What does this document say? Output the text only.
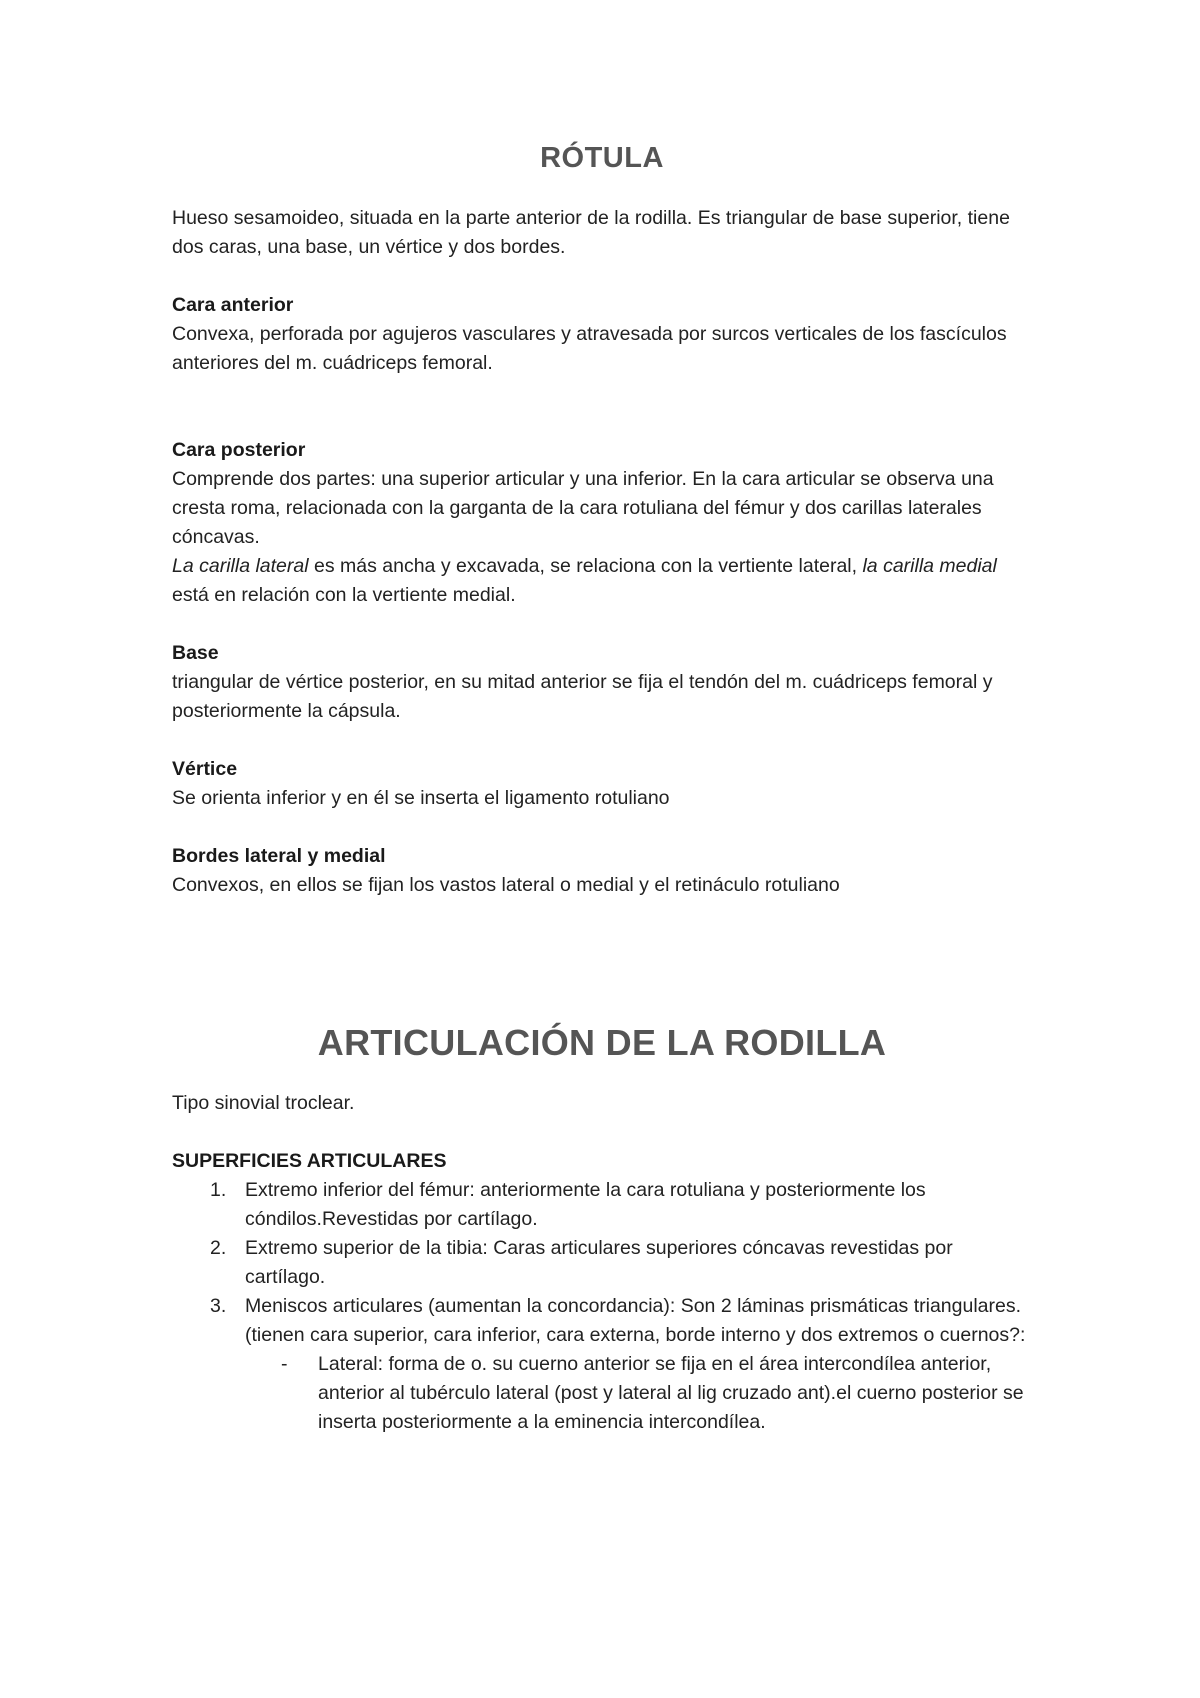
RÓTULA

Hueso sesamoideo, situada en la parte anterior de la rodilla. Es triangular de base superior, tiene dos caras, una base, un vértice y dos bordes.

Cara anterior

Convexa, perforada por agujeros vasculares y atravesada por surcos verticales de los fascículos anteriores del m. cuádriceps femoral.

Cara posterior

Comprende dos partes: una superior articular y una inferior. En la cara articular se observa una cresta roma, relacionada con la garganta de la cara rotuliana del fémur y dos carillas laterales cóncavas.

La carilla lateral es más ancha y excavada, se relaciona con la vertiente lateral, la carilla medial está en relación con la vertiente medial.

Base

triangular de vértice posterior, en su mitad anterior se fija el tendón del m. cuádriceps femoral y posteriormente la cápsula.

Vértice

Se orienta inferior y en él se inserta el ligamento rotuliano

Bordes lateral y medial

Convexos, en ellos se fijan los vastos lateral o medial y el retináculo rotuliano

ARTICULACIÓN DE LA RODILLA

Tipo sinovial troclear.

SUPERFICIES ARTICULARES

1. Extremo inferior del fémur: anteriormente la cara rotuliana y posteriormente los cóndilos.Revestidas por cartílago.
2. Extremo superior de la tibia: Caras articulares superiores cóncavas revestidas por cartílago.
3. Meniscos articulares (aumentan la concordancia): Son 2 láminas prismáticas triangulares. (tienen cara superior, cara inferior, cara externa, borde interno y dos extremos o cuernos?:
- Lateral: forma de o. su cuerno anterior se fija en el área intercondílea anterior, anterior al tubérculo lateral (post y lateral al lig cruzado ant).el cuerno posterior se inserta posteriormente a la eminencia intercondílea.
